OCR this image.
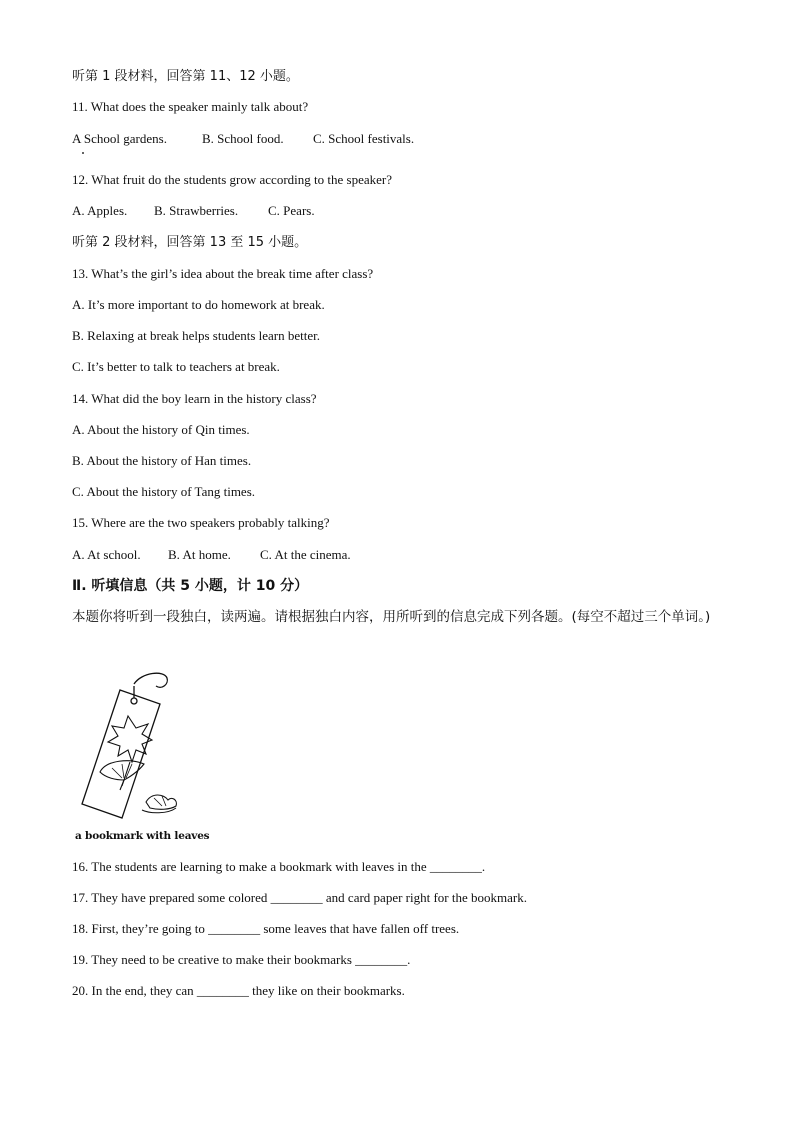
听第 1 段材料，回答第 11、12 小题。
11. What does the speaker mainly talk about?
A School gardens.	B. School food. C. School festivals.
12. What fruit do the students grow according to the speaker?
A. Apples. B. Strawberries. C. Pears.
听第 2 段材料，回答第 13 至 15 小题。
13. What’s the girl’s idea about the break time after class?
A. It’s more important to do homework at break.
B. Relaxing at break helps students learn better.
C. It’s better to talk to teachers at break.
14. What did the boy learn in the history class?
A. About the history of Qin times.
B. About the history of Han times.
C. About the history of Tang times.
15. Where are the two speakers probably talking?
A. At school. B. At home. C. At the cinema.
Ⅱ. 听填信息（共 5 小题，计 10 分）
本题你将听到一段独白，读两遍。请根据独白内容，用所听到的信息完成下列各题。(每空不超过三个单词。)
a bookmark with leaves
16. The students are learning to make a bookmark with leaves in the ________.
17. They have prepared some colored ________ and card paper right for the bookmark.
18. First, they’re going to ________ some leaves that have fallen off trees.
19. They need to be creative to make their bookmarks ________.
20. In the end, they can ________ they like on their bookmarks.
